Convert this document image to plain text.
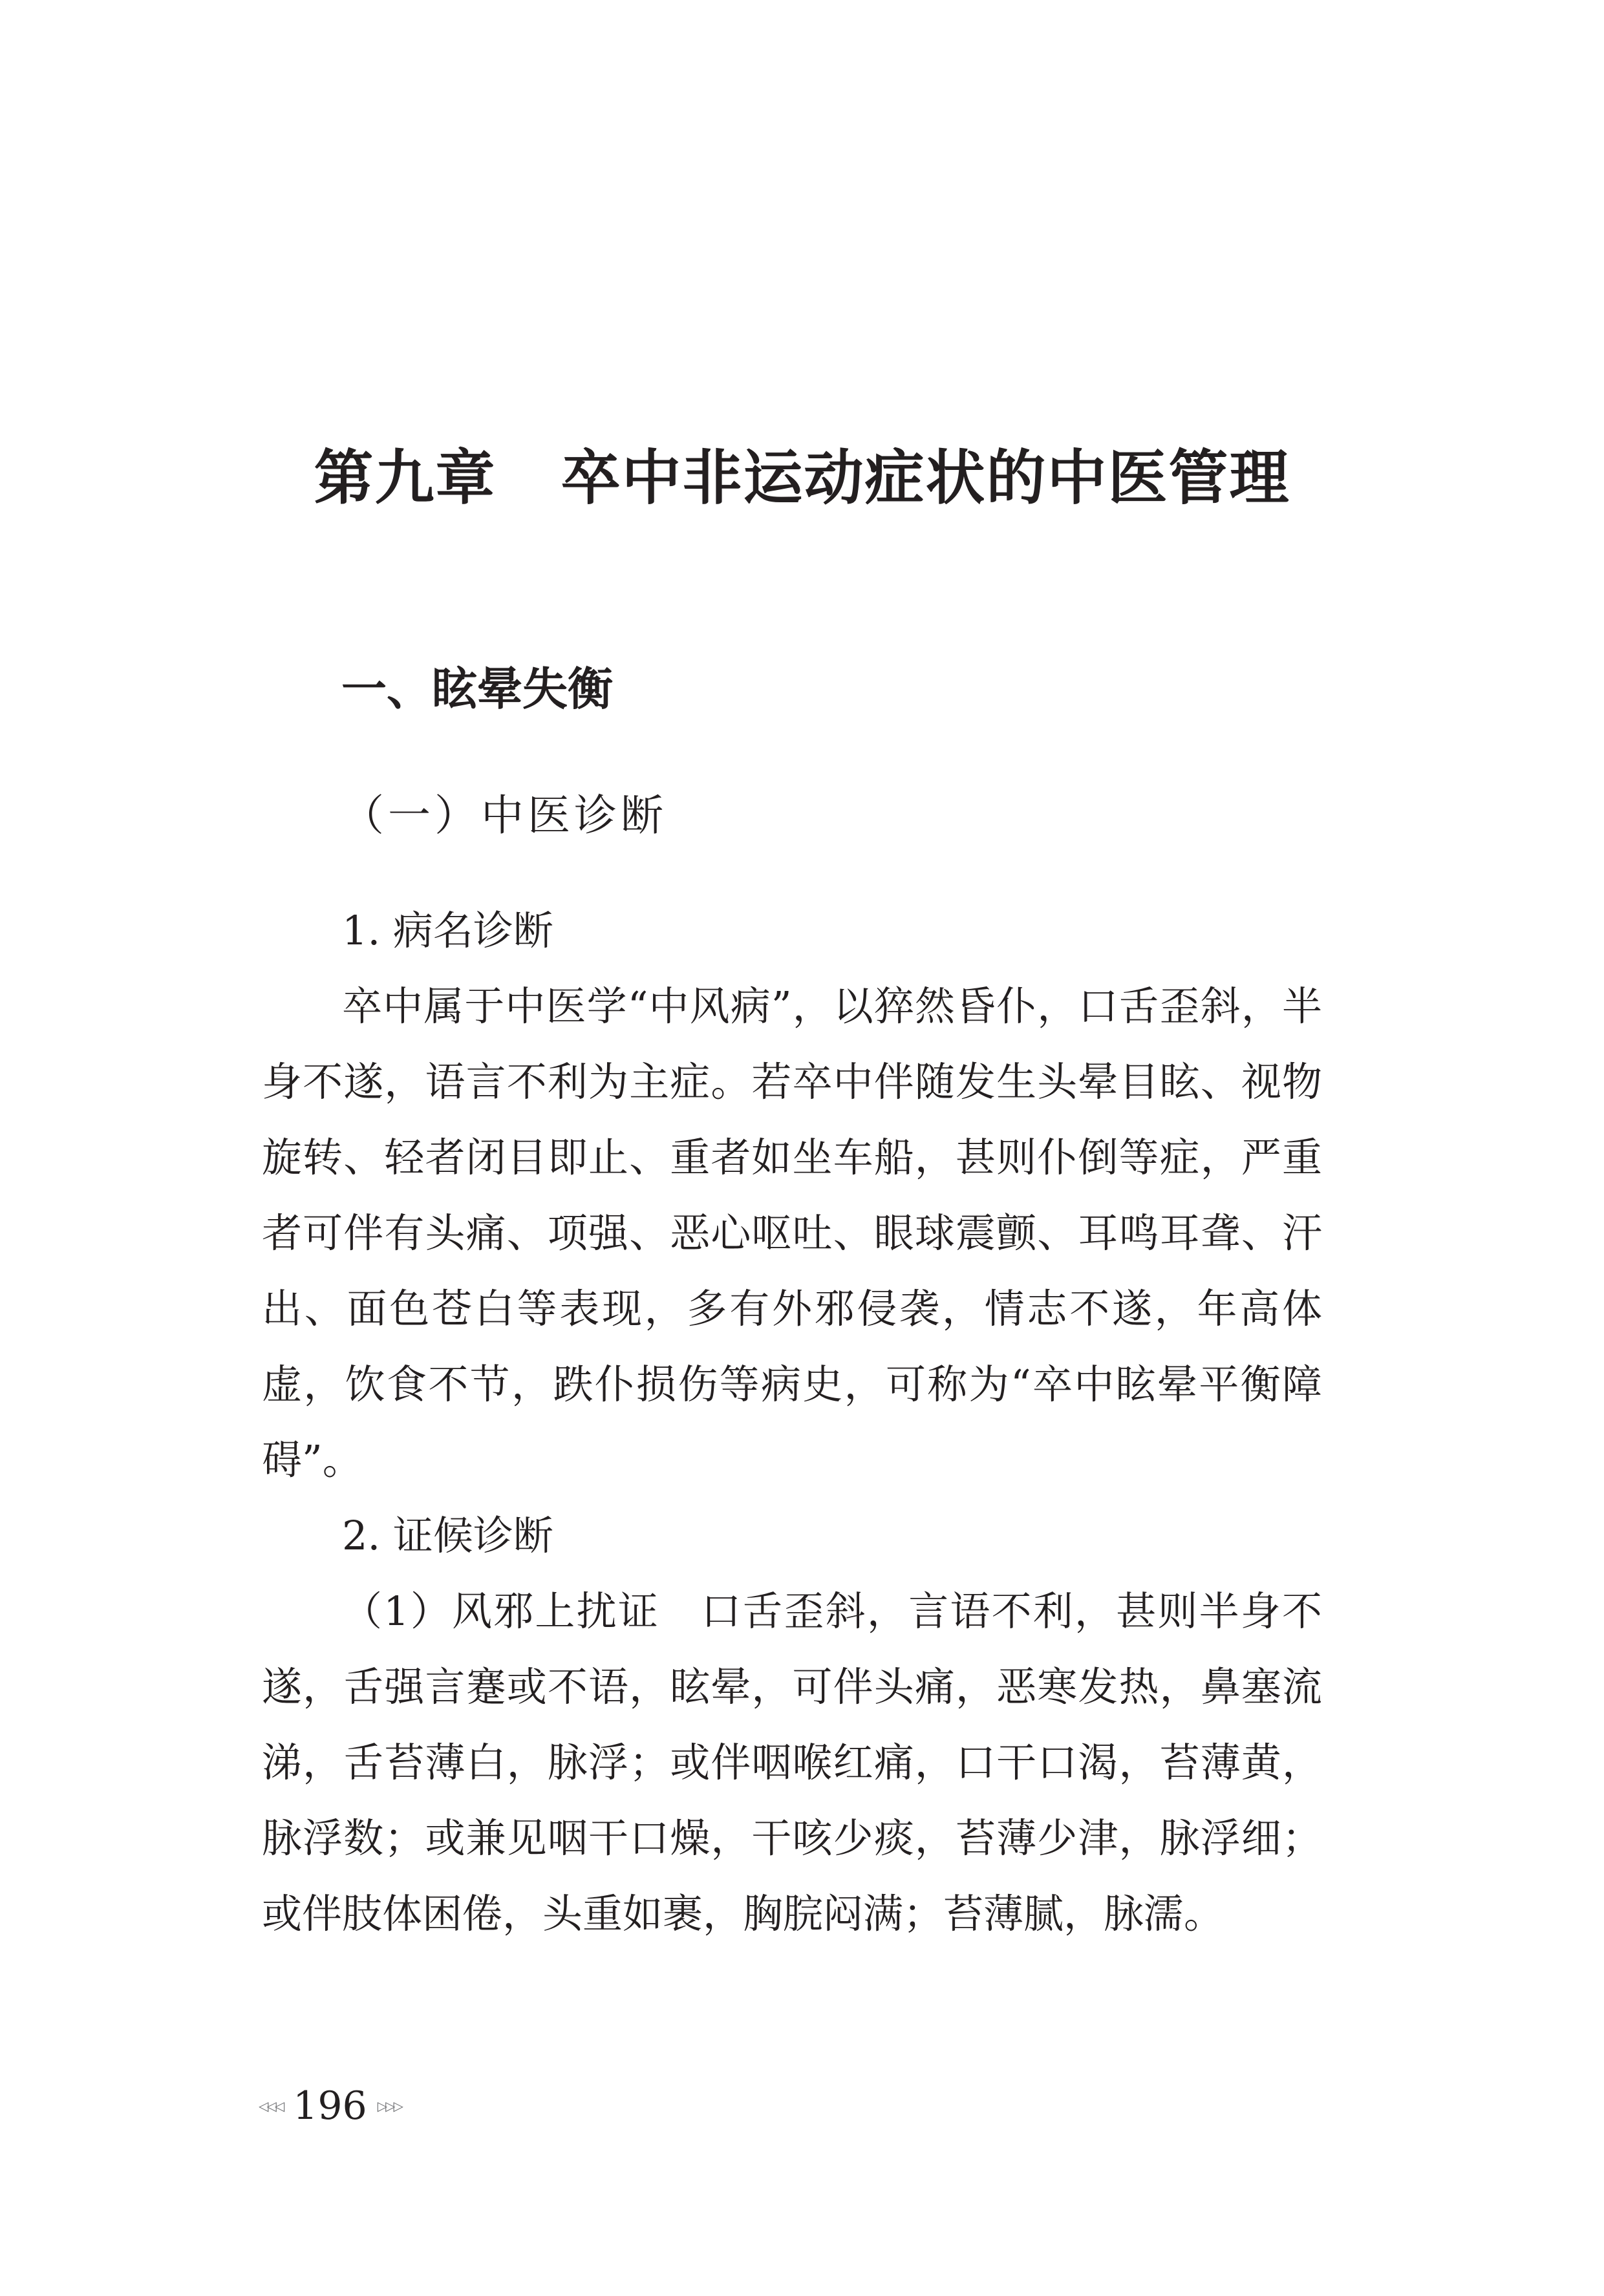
第九章 卒中非运动症状的中医管理
一、眩晕失衡
（一）中医诊断

1. 病名诊断

卒中属于中医学“中风病”，以猝然昏仆，口舌歪斜，半身不遂，语言不利为主症。若卒中伴随发生头晕目眩、视物旋转、轻者闭目即止、重者如坐车船，甚则仆倒等症，严重者可伴有头痛、项强、恶心呕吐、眼球震颤、耳鸣耳聋、汗出、面色苍白等表现，多有外邪侵袭，情志不遂，年高体虚，饮食不节，跌仆损伤等病史，可称为“卒中眩晕平衡障碍”。

2. 证候诊断

（1）风邪上扰证 口舌歪斜，言语不利，甚则半身不遂，舌强言蹇或不语，眩晕，可伴头痛，恶寒发热，鼻塞流涕，舌苔薄白，脉浮；或伴咽喉红痛，口干口渴，苔薄黄，脉浮数；或兼见咽干口燥，干咳少痰，苔薄少津，脉浮细；或伴肢体困倦，头重如裹，胸脘闷满；苔薄腻，脉濡。

◁◁◁ 196 ▷▷▷
